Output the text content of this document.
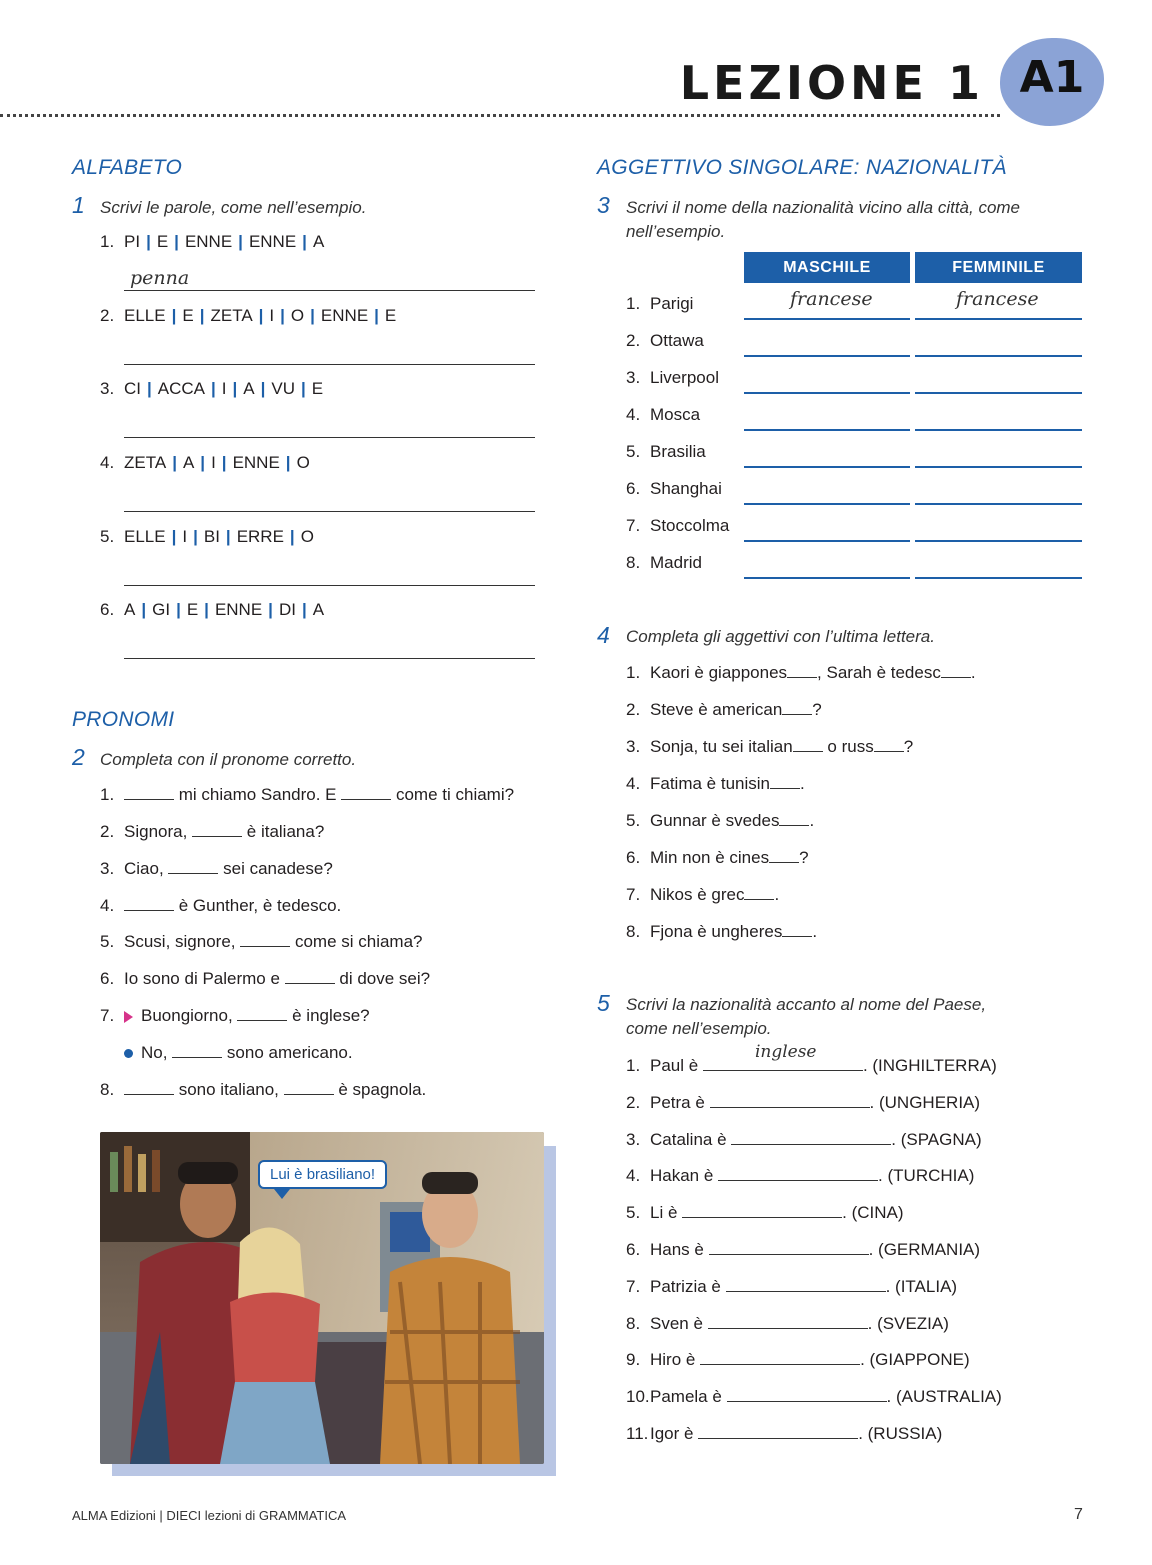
LEZIONE 1 A1
ALFABETO
1 Scrivi le parole, come nell’esempio.
PRONOMI
2 Completa con il pronome corretto.
Lui è brasiliano!
AGGETTIVO SINGOLARE: NAZIONALITÀ
3 Scrivi il nome della nazionalità vicino alla città, come
nell’esempio.
MASCHILE	FEMMINILE
4 Completa gli aggettivi con l’ultima lettera.
5 Scrivi la nazionalità accanto al nome del Paese,
come nell’esempio.
ALMA Edizioni | DIECI lezioni di GRAMMATICA	7
1. PI | E | ENNE | ENNE | A
penna
2. ELLE | E | ZETA | I | O | ENNE | E
3. CI | ACCA | I | A | VU | E
4. ZETA | A | I | ENNE | O
5. ELLE | I | BI | ERRE | O
6. A | GI | E | ENNE | DI | A
1.	mi chiamo Sandro. E	come ti chiami?
2. Signora,	è italiana?
3. Ciao,	sei canadese?
4.	è Gunther, è tedesco.
5. Scusi, signore,	come si chiama?
6. Io sono di Palermo e	di dove sei?
7. Buongiorno,	è inglese?
No,	sono americano.
8.	sono italiano,	è spagnola.
1. Parigi	francese	francese
2. Ottawa
3. Liverpool
4. Mosca
5. Brasilia
6. Shanghai
7. Stoccolma
8. Madrid
1. Kaori è giappones , Sarah è tedesc .
2. Steve è american ?
3. Sonja, tu sei italian o russ ?
4. Fatima è tunisin .
5. Gunnar è svedes .
6. Min non è cines ?
7. Nikos è grec .
8. Fjona è ungheres .
1. Paul è
inglese
. (INGHILTERRA)
2. Petra è	. (UNGHERIA)
3. Catalina è	. (SPAGNA)
4. Hakan è	. (TURCHIA)
5. Li è	. (CINA)
6. Hans è	. (GERMANIA)
7. Patrizia è	. (ITALIA)
8. Sven è	. (SVEZIA)
9. Hiro è	. (GIAPPONE)
10.Pamela è	. (AUSTRALIA)
11.Igor è	. (RUSSIA)
